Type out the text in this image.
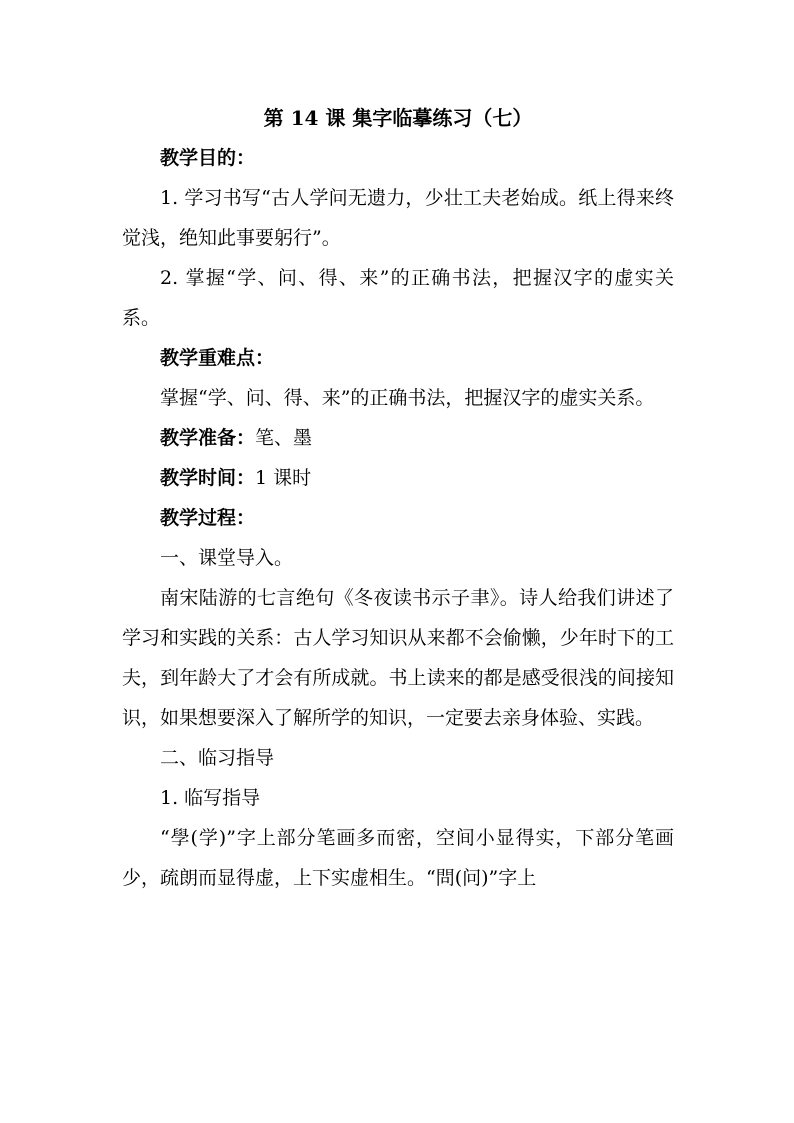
第 14 课 集字临摹练习（七）

教学目的：

1. 学习书写“古人学问无遗力，少壮工夫老始成。纸上得来终觉浅，绝知此事要躬行”。

2. 掌握“学、问、得、来”的正确书法，把握汉字的虚实关系。

教学重难点：

掌握“学、问、得、来”的正确书法，把握汉字的虚实关系。

教学准备：笔、墨

教学时间：1 课时

教学过程：

一、课堂导入。

南宋陆游的七言绝句《冬夜读书示子聿》。诗人给我们讲述了学习和实践的关系：古人学习知识从来都不会偷懒，少年时下的工夫，到年龄大了才会有所成就。书上读来的都是感受很浅的间接知识，如果想要深入了解所学的知识，一定要去亲身体验、实践。

二、临习指导

1. 临写指导

“學(学)”字上部分笔画多而密，空间小显得实，下部分笔画少，疏朗而显得虚，上下实虚相生。“問(问)”字上
